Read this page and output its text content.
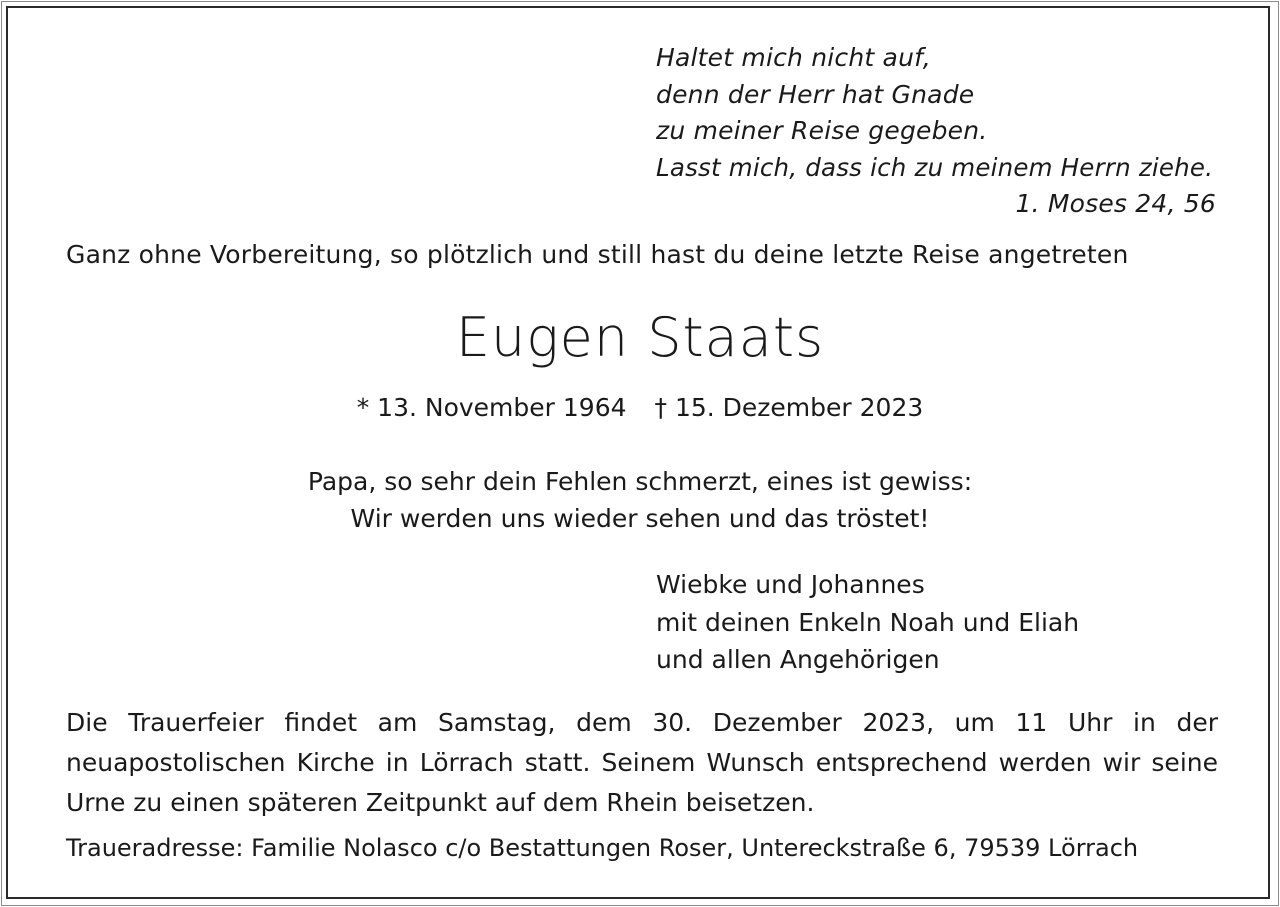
Haltet mich nicht auf,
denn der Herr hat Gnade
zu meiner Reise gegeben.
Lasst mich, dass ich zu meinem Herrn ziehe.
1. Moses 24, 56
Ganz ohne Vorbereitung, so plötzlich und still hast du deine letzte Reise angetreten
Eugen Staats
* 13. November 1964 † 15. Dezember 2023
Papa, so sehr dein Fehlen schmerzt, eines ist gewiss:
Wir werden uns wieder sehen und das tröstet!
Wiebke und Johannes
mit deinen Enkeln Noah und Eliah
und allen Angehörigen
Die Trauerfeier findet am Samstag, dem 30. Dezember 2023, um 11 Uhr in der neuapostolischen Kirche in Lörrach statt. Seinem Wunsch entsprechend werden wir seine Urne zu einen späteren Zeitpunkt auf dem Rhein beisetzen.
Traueradresse: Familie Nolasco c/o Bestattungen Roser, Untereckstraße 6, 79539 Lörrach
